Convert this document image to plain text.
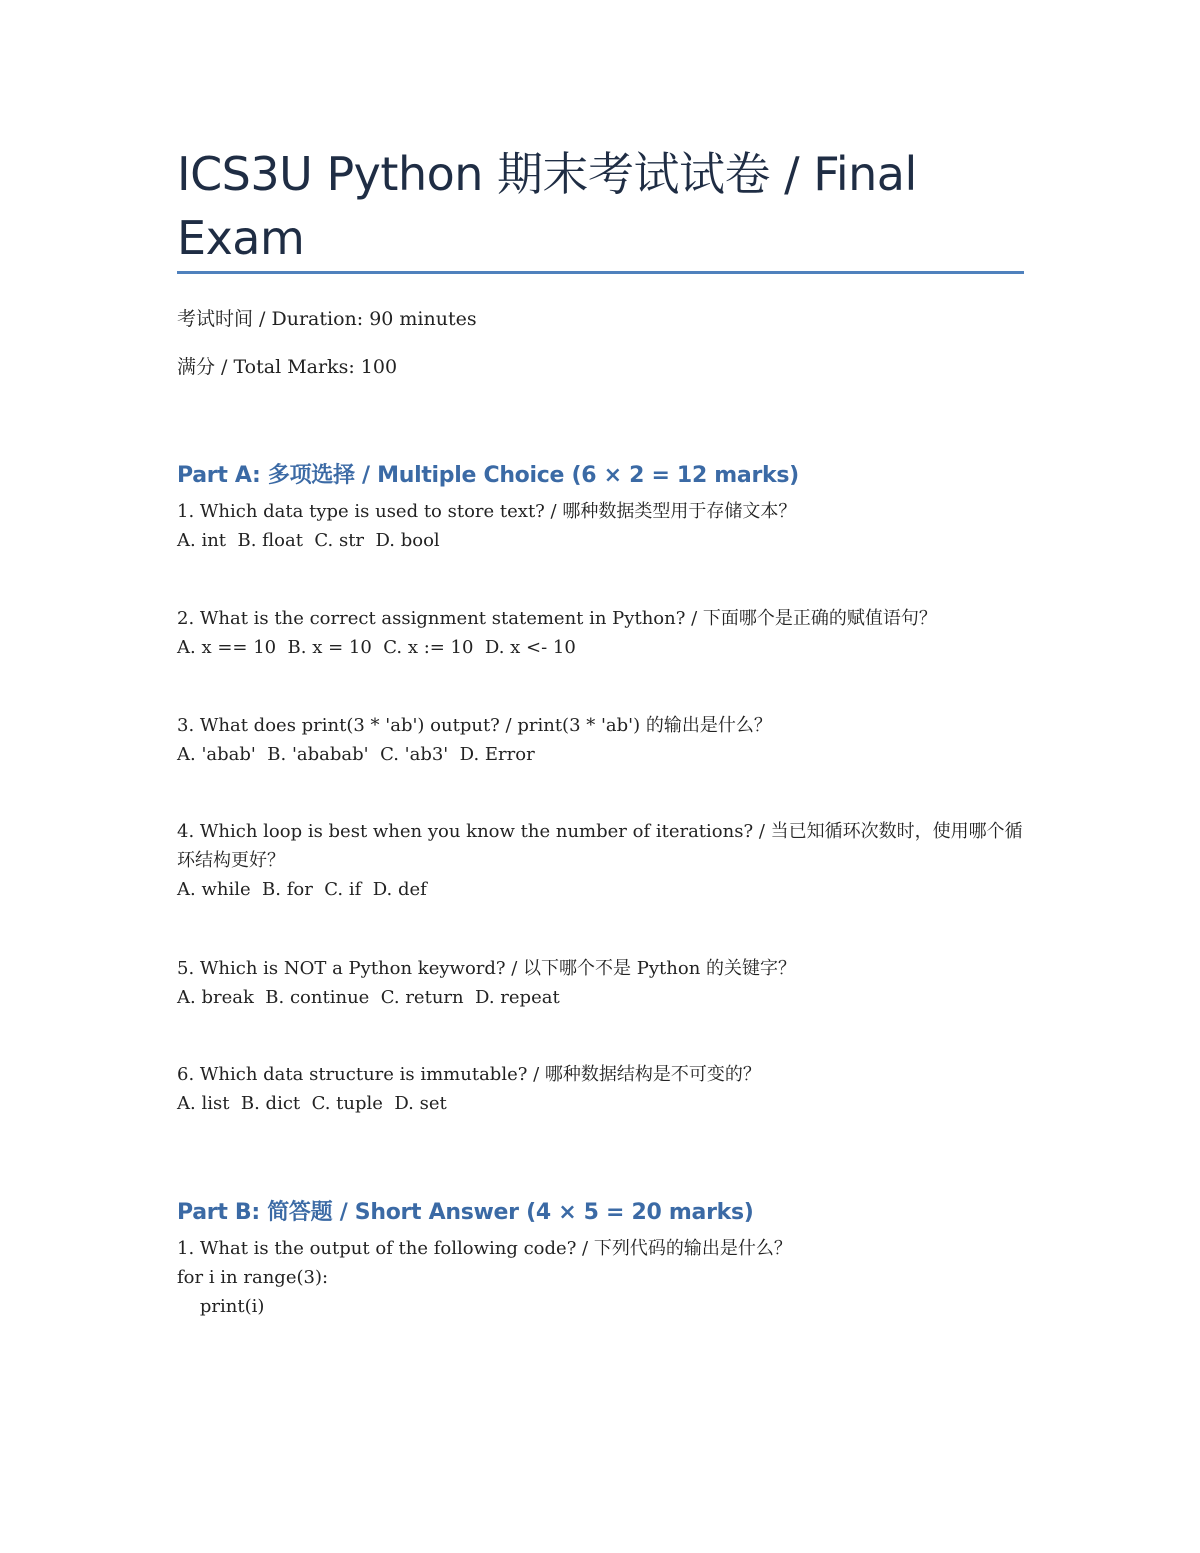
ICS3U Python 期末考试试卷 / Final Exam
考试时间 / Duration: 90 minutes
满分 / Total Marks: 100
Part A: 多项选择 / Multiple Choice (6 × 2 = 12 marks)
1. Which data type is used to store text? / 哪种数据类型用于存储文本？
A. int  B. float  C. str  D. bool
2. What is the correct assignment statement in Python? / 下面哪个是正确的赋值语句？
A. x == 10  B. x = 10  C. x := 10  D. x <- 10
3. What does print(3 * 'ab') output? / print(3 * 'ab') 的输出是什么？
A. 'abab'  B. 'ababab'  C. 'ab3'  D. Error
4. Which loop is best when you know the number of iterations? / 当已知循环次数时，使用哪个循环结构更好？
A. while  B. for  C. if  D. def
5. Which is NOT a Python keyword? / 以下哪个不是 Python 的关键字？
A. break  B. continue  C. return  D. repeat
6. Which data structure is immutable? / 哪种数据结构是不可变的？
A. list  B. dict  C. tuple  D. set
Part B: 简答题 / Short Answer (4 × 5 = 20 marks)
1. What is the output of the following code? / 下列代码的输出是什么？
for i in range(3):
print(i)
